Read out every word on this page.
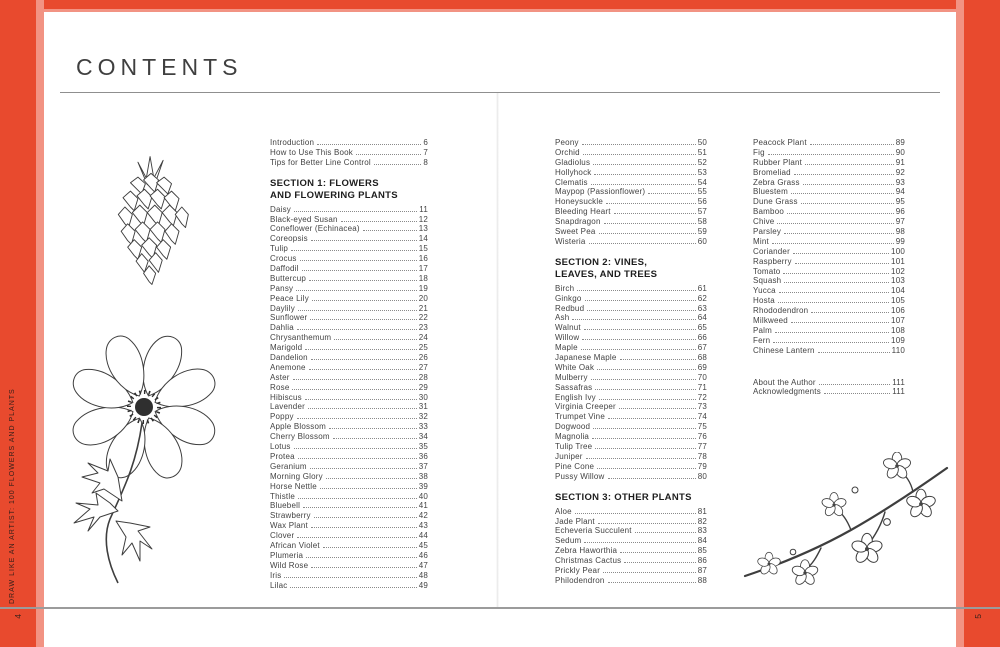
CONTENTS
DRAW LIKE AN ARTIST: 100 FLOWERS AND PLANTS
4	5
Introduction	6
How to Use This Book	7
Tips for Better Line Control	8
SECTION 1: FLOWERS
AND FLOWERING PLANTS
Daisy	11
Black-eyed Susan	12
Coneflower (Echinacea)	13
Coreopsis	14
Tulip	15
Crocus	16
Daffodil	17
Buttercup	18
Pansy	19
Peace Lily	20
Daylily	21
Sunflower	22
Dahlia	23
Chrysanthemum	24
Marigold	25
Dandelion	26
Anemone	27
Aster	28
Rose	29
Hibiscus	30
Lavender	31
Poppy	32
Apple Blossom	33
Cherry Blossom	34
Lotus	35
Protea	36
Geranium	37
Morning Glory	38
Horse Nettle	39
Thistle	40
Bluebell	41
Strawberry	42
Wax Plant	43
Clover	44
African Violet	45
Plumeria	46
Wild Rose	47
Iris	48
Lilac	49
Peony	50
Orchid	51
Gladiolus	52
Hollyhock	53
Clematis	54
Maypop (Passionflower)	55
Honeysuckle	56
Bleeding Heart	57
Snapdragon	58
Sweet Pea	59
Wisteria	60
SECTION 2: VINES,
LEAVES, AND TREES
Birch	61
Ginkgo	62
Redbud	63
Ash	64
Walnut	65
Willow	66
Maple	67
Japanese Maple	68
White Oak	69
Mulberry	70
Sassafras	71
English Ivy	72
Virginia Creeper	73
Trumpet Vine	74
Dogwood	75
Magnolia	76
Tulip Tree	77
Juniper	78
Pine Cone	79
Pussy Willow	80
SECTION 3: OTHER PLANTS
Aloe	81
Jade Plant	82
Echeveria Succulent	83
Sedum	84
Zebra Haworthia	85
Christmas Cactus	86
Prickly Pear	87
Philodendron	88
Peacock Plant	89
Fig	90
Rubber Plant	91
Bromeliad	92
Zebra Grass	93
Bluestem	94
Dune Grass	95
Bamboo	96
Chive	97
Parsley	98
Mint	99
Coriander	100
Raspberry	101
Tomato	102
Squash	103
Yucca	104
Hosta	105
Rhododendron	106
Milkweed	107
Palm	108
Fern	109
Chinese Lantern	110
About the Author	111
Acknowledgments	111
